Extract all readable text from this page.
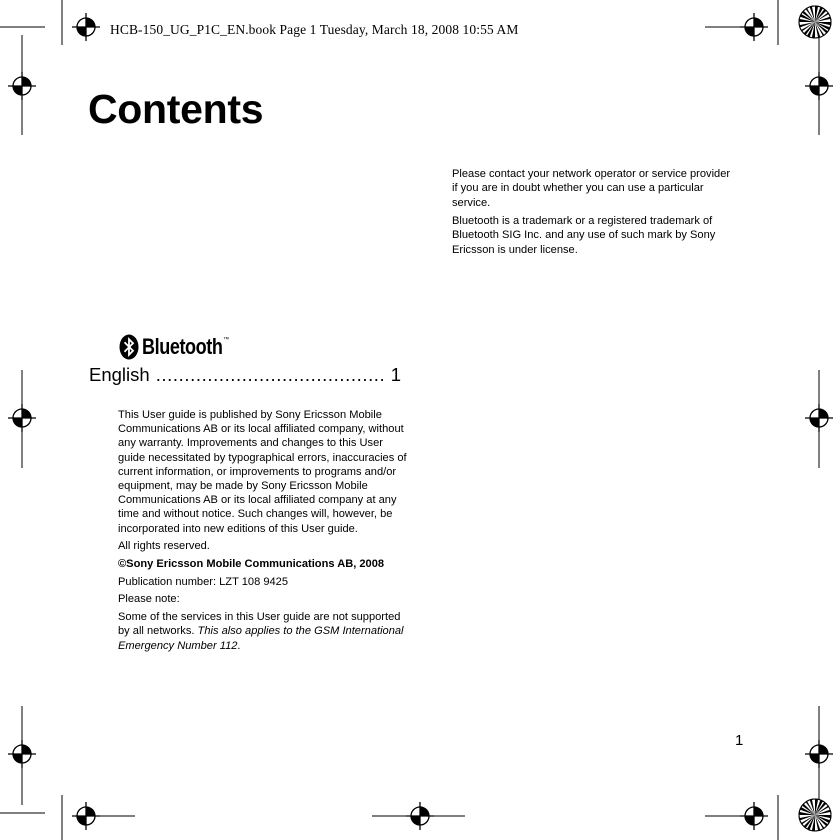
HCB-150_UG_P1C_EN.book Page 1 Tuesday, March 18, 2008 10:55 AM
Contents

Please contact your network operator or service provider if you are in doubt whether you can use a particular service.

Bluetooth is a trademark or a registered trademark of Bluetooth SIG Inc. and any use of such mark by Sony Ericsson is under license.

Bluetooth ™
English ........................................ 1

This User guide is published by Sony Ericsson Mobile Communications AB or its local affiliated company, without any warranty. Improvements and changes to this User guide necessitated by typographical errors, inaccuracies of current information, or improvements to programs and/or equipment, may be made by Sony Ericsson Mobile Communications AB or its local affiliated company at any time and without notice. Such changes will, however, be incorporated into new editions of this User guide.

All rights reserved.

©Sony Ericsson Mobile Communications AB, 2008

Publication number: LZT 108 9425

Please note:

Some of the services in this User guide are not supported by all networks. This also applies to the GSM International Emergency Number 112.

1
